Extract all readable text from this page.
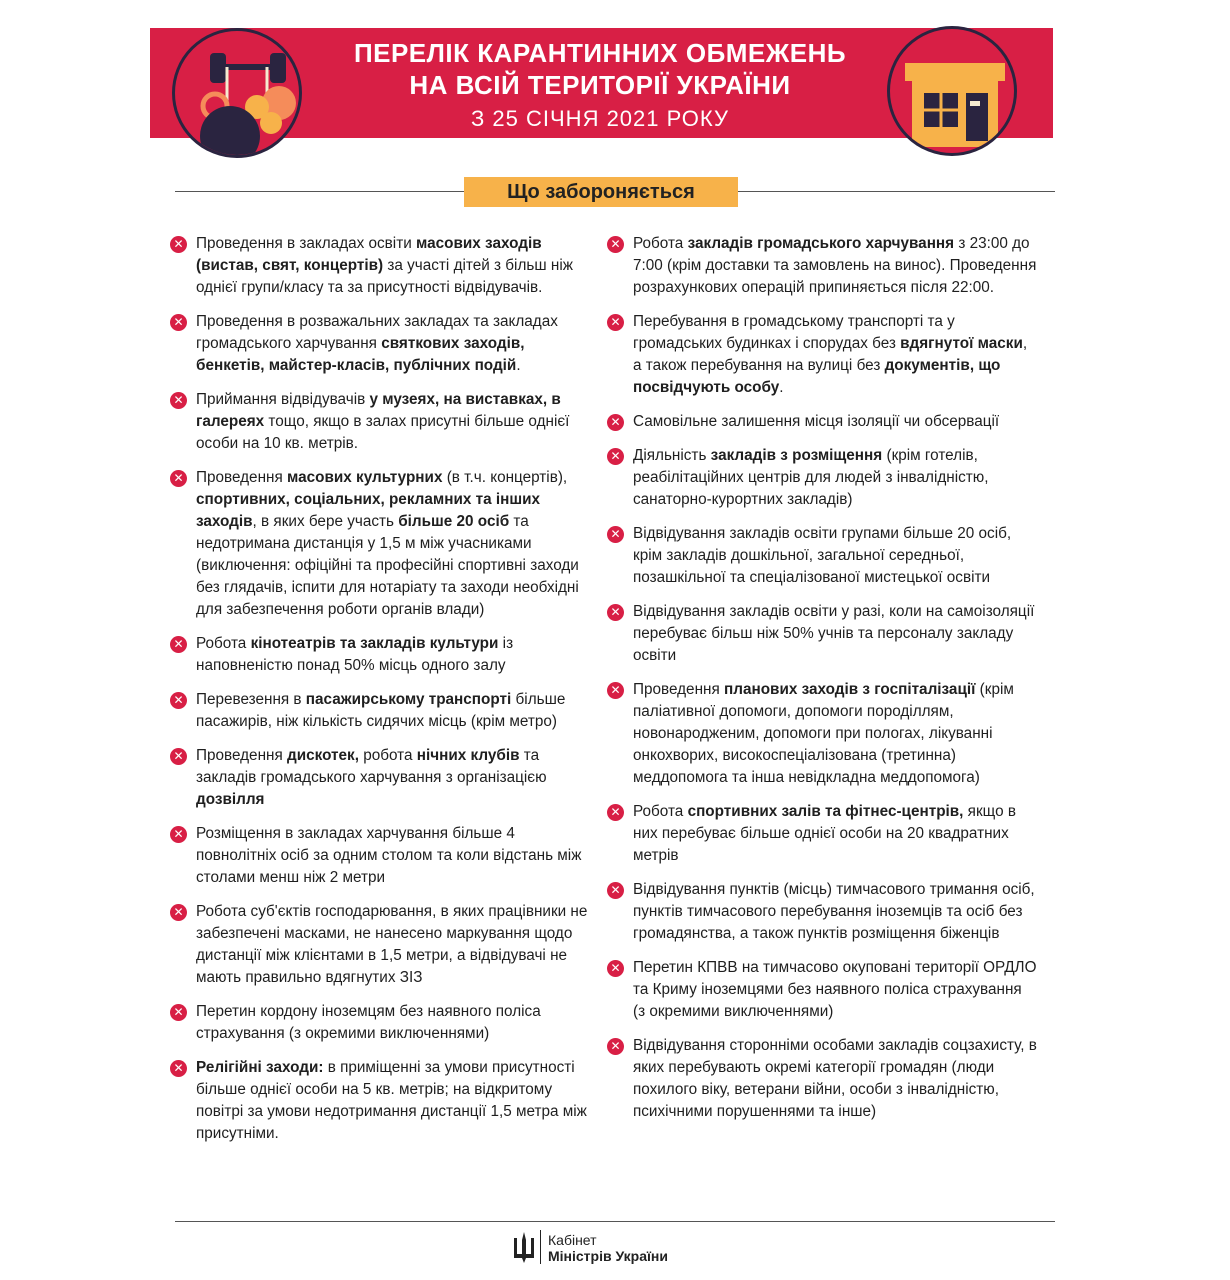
ПЕРЕЛІК КАРАНТИННИХ ОБМЕЖЕНЬ
НА ВСІЙ ТЕРИТОРІЇ УКРАЇНИ
З 25 СІЧНЯ 2021 РОКУ
Що забороняється
✕ Проведення в закладах освіти масових заходів (вистав, свят, концертів) за участі дітей з більш ніж однієї групи/класу та за присутності відвідувачів.
✕ Проведення в розважальних закладах та закладах громадського харчування святкових заходів, бенкетів, майстер-класів, публічних подій.
✕ Приймання відвідувачів у музеях, на виставках, в галереях тощо, якщо в залах присутні більше однієї особи на 10 кв. метрів.
✕ Проведення масових культурних (в т.ч. концертів), спортивних, соціальних, рекламних та інших заходів, в яких бере участь більше 20 осіб та недотримана дистанція у 1,5 м між учасниками (виключення: офіційні та професійні спортивні заходи без глядачів, іспити для нотаріату та заходи необхідні для забезпечення роботи органів влади)
✕ Робота кінотеатрів та закладів культури із наповненістю понад 50% місць одного залу
✕ Перевезення в пасажирському транспорті більше пасажирів, ніж кількість сидячих місць (крім метро)
✕ Проведення дискотек, робота нічних клубів та закладів громадського харчування з організацією дозвілля
✕ Розміщення в закладах харчування більше 4 повнолітніх осіб за одним столом та коли відстань між столами менш ніж 2 метри
✕ Робота суб'єктів господарювання, в яких працівники не забезпечені масками, не нанесено маркування щодо дистанції між клієнтами в 1,5 метри, а відвідувачі не мають правильно вдягнутих ЗІЗ
✕ Перетин кордону іноземцям без наявного поліса страхування (з окремими виключеннями)
✕ Релігійні заходи: в приміщенні за умови присутності більше однієї особи на 5 кв. метрів; на відкритому повітрі за умови недотримання дистанції 1,5 метра між присутніми.
✕ Робота закладів громадського харчування з 23:00 до 7:00 (крім доставки та замовлень на винос). Проведення розрахункових операцій припиняється після 22:00.
✕ Перебування в громадському транспорті та у громадських будинках і спорудах без вдягнутої маски, а також перебування на вулиці без документів, що посвідчують особу.
✕ Самовільне залишення місця ізоляції чи обсервації
✕ Діяльність закладів з розміщення (крім готелів, реабілітаційних центрів для людей з інвалідністю, санаторно-курортних закладів)
✕ Відвідування закладів освіти групами більше 20 осіб, крім закладів дошкільної, загальної середньої, позашкільної та спеціалізованої мистецької освіти
✕ Відвідування закладів освіти у разі, коли на самоізоляції перебуває більш ніж 50% учнів та персоналу закладу освіти
✕ Проведення планових заходів з госпіталізації (крім паліативної допомоги, допомоги породіллям, новонародженим, допомоги при пологах, лікуванні онкохворих, високоспеціалізована (третинна) меддопомога та інша невідкладна меддопомога)
✕ Робота спортивних залів та фітнес-центрів, якщо в них перебуває більше однієї особи на 20 квадратних метрів
✕ Відвідування пунктів (місць) тимчасового тримання осіб, пунктів тимчасового перебування іноземців та осіб без громадянства, а також пунктів розміщення біженців
✕ Перетин КПВВ на тимчасово окуповані території ОРДЛО та Криму іноземцями без наявного поліса страхування (з окремими виключеннями)
✕ Відвідування сторонніми особами закладів соцзахисту, в яких перебувають окремі категорії громадян (люди похилого віку, ветерани війни, особи з інвалідністю, психічними порушеннями та інше)
Кабінет
Міністрів України
